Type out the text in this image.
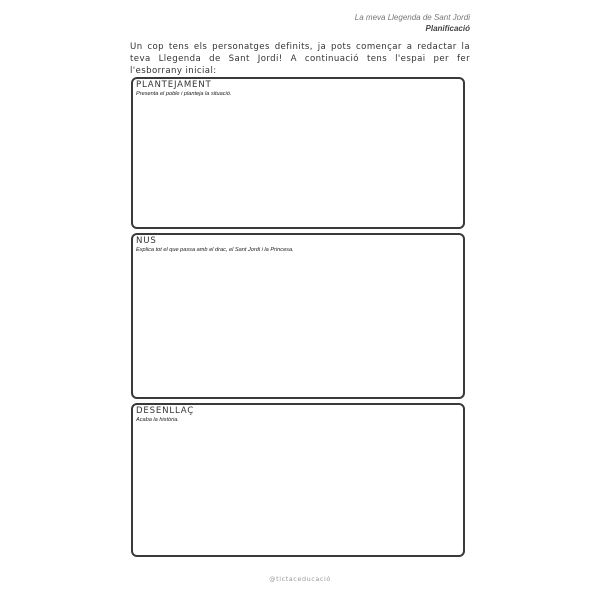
La meva Llegenda de Sant Jordi
Planificació
Un cop tens els personatges definits, ja pots començar a redactar la teva Llegenda de Sant Jordi! A continuació tens l'espai per fer l'esborrany inicial:
PLANTEJAMENT
Presenta el poble i planteja la situació.
NUS
Explica tot el que passa amb el drac, el Sant Jordi i la Princesa.
DESENLLAÇ
Acaba la història.
@tictaceducació
